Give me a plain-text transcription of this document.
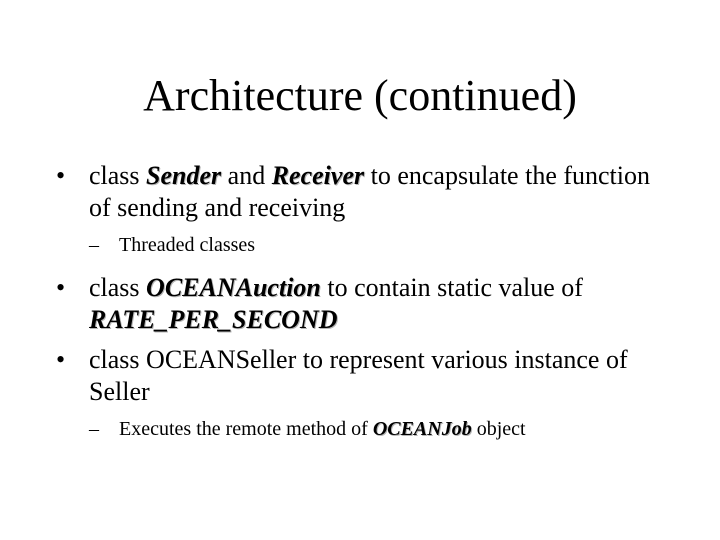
Architecture (continued)
• class Sender and Receiver to encapsulate the function of sending and receiving
– Threaded classes
• class OCEANAuction to contain static value of RATE_PER_SECOND
• class OCEANSeller to represent various instance of Seller
– Executes the remote method of OCEANJob object
